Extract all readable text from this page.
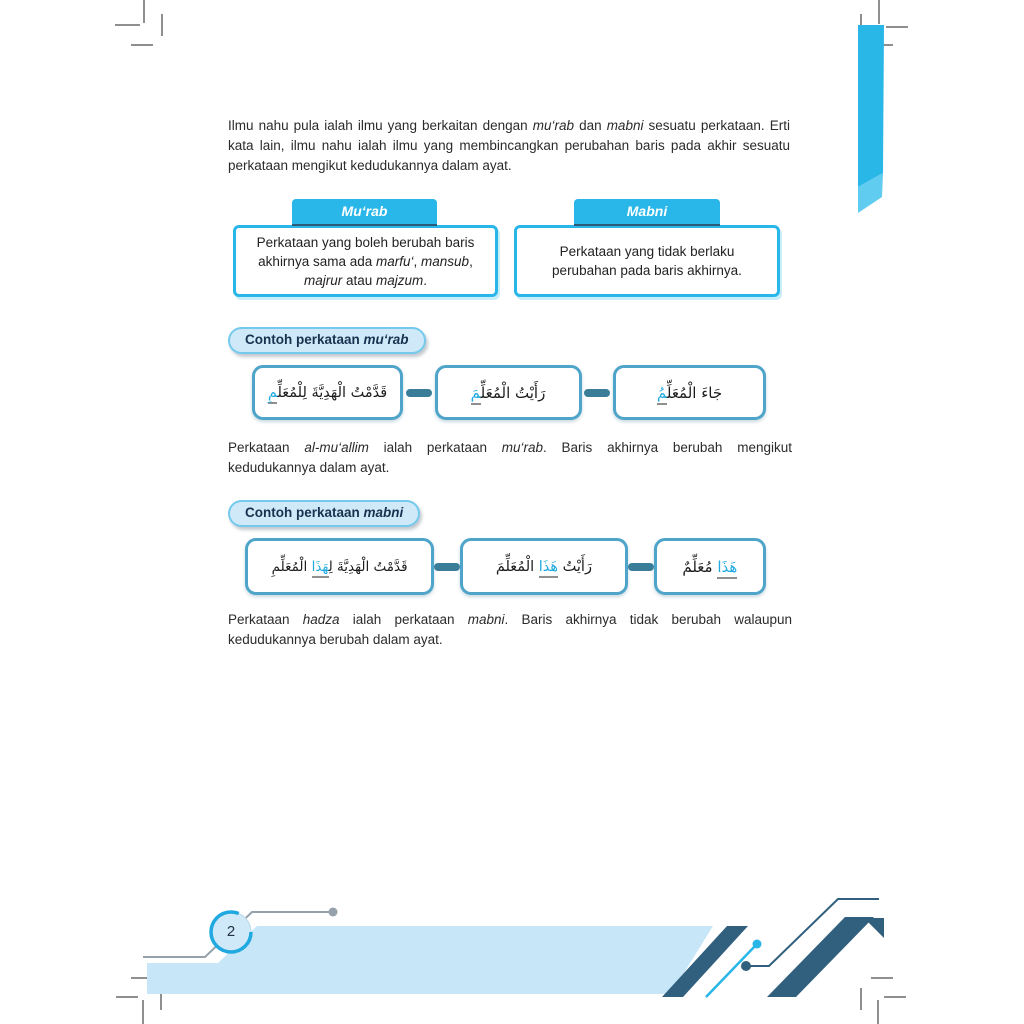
Ilmu nahu pula ialah ilmu yang berkaitan dengan mu‘rab dan mabni sesuatu perkataan. Erti kata lain, ilmu nahu ialah ilmu yang membincangkan perubahan baris pada akhir sesuatu perkataan mengikut kedudukannya dalam ayat.

Mu‘rab	Mabni
Perkataan yang boleh berubah baris akhirnya sama ada marfu‘, mansub, majrur atau majzum.
Perkataan yang tidak berlaku perubahan pada baris akhirnya.
Contoh perkataan mu‘rab
قَدَّمْتُ الْهَدِيَّةَ لِلْمُعَلِّ‍‍مِ	رَأَيْتُ الْمُعَلِّ‍‍مَ	جَاءَ الْمُعَلِّ‍‍مُ

Perkataan al-mu‘allim ialah perkataan mu‘rab. Baris akhirnya berubah mengikut kedudukannya dalam ayat.

Contoh perkataan mabni
قَدَّمْتُ الْهَدِيَّةَ لِ‍‍هَذَا الْمُعَلِّمِ	رَأَيْتُ هَذَا الْمُعَلِّمَ	هَذَا مُعَلِّمٌ

Perkataan hadza ialah perkataan mabni. Baris akhirnya tidak berubah walaupun kedudukannya berubah dalam ayat.

2
